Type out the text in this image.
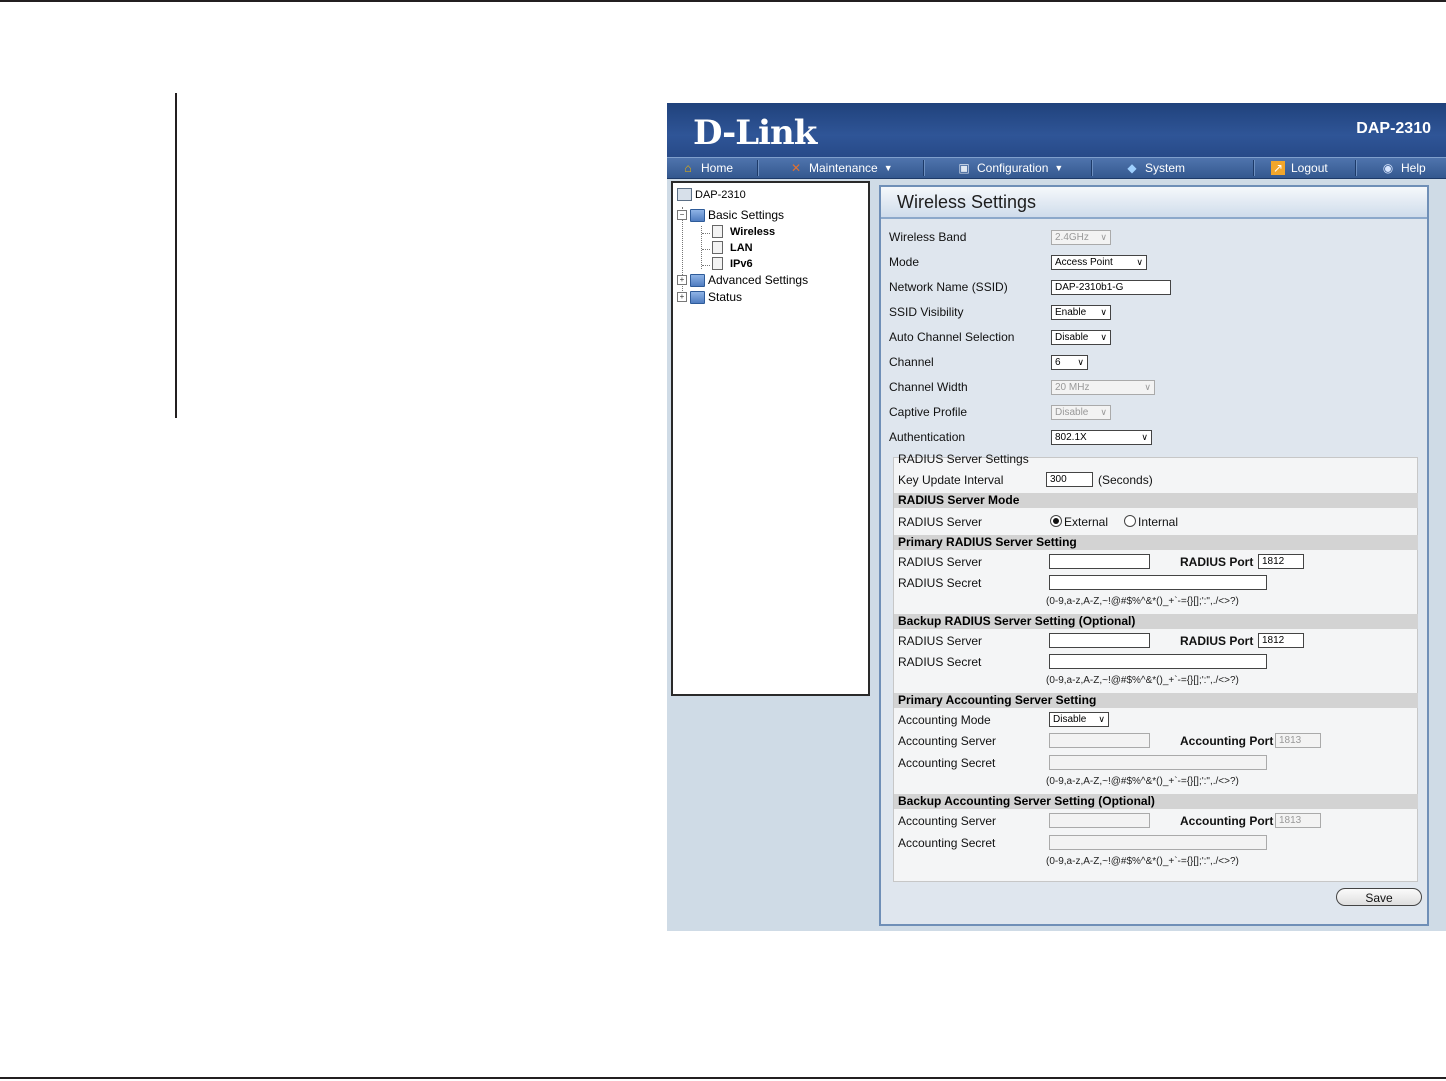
D-Link	DAP-2310
⌂ Home	✕ Maintenance ▼	▣ Configuration ▼	◆ System	↗ Logout	◉ Help
DAP-2310
− Basic Settings
Wireless
LAN
IPv6
+ Advanced Settings
+ Status
Wireless Settings
Wireless Band	2.4GHz ∨
Mode	Access Point	∨
Network Name (SSID)	DAP-2310b1-G
SSID Visibility	Enable ∨
Auto Channel Selection	Disable ∨
Channel	6 ∨
Channel Width	20 MHz	∨
Captive Profile	Disable ∨
Authentication	802.1X	∨
RADIUS Server Settings
Key Update Interval	300	(Seconds)
RADIUS Server Mode
RADIUS Server	External	Internal
Primary RADIUS Server Setting
RADIUS Server	RADIUS Port 1812
RADIUS Secret
(0-9,a-z,A-Z,~!@#$%^&*()_+`-={}[];':",./<>?)
Backup RADIUS Server Setting (Optional)
RADIUS Server	RADIUS Port 1812
RADIUS Secret
(0-9,a-z,A-Z,~!@#$%^&*()_+`-={}[];':",./<>?)
Primary Accounting Server Setting
Accounting Mode	Disable ∨
Accounting Server	Accounting Port 1813
Accounting Secret
(0-9,a-z,A-Z,~!@#$%^&*()_+`-={}[];':",./<>?)
Backup Accounting Server Setting (Optional)
Accounting Server	Accounting Port 1813
Accounting Secret
(0-9,a-z,A-Z,~!@#$%^&*()_+`-={}[];':",./<>?)
Save
